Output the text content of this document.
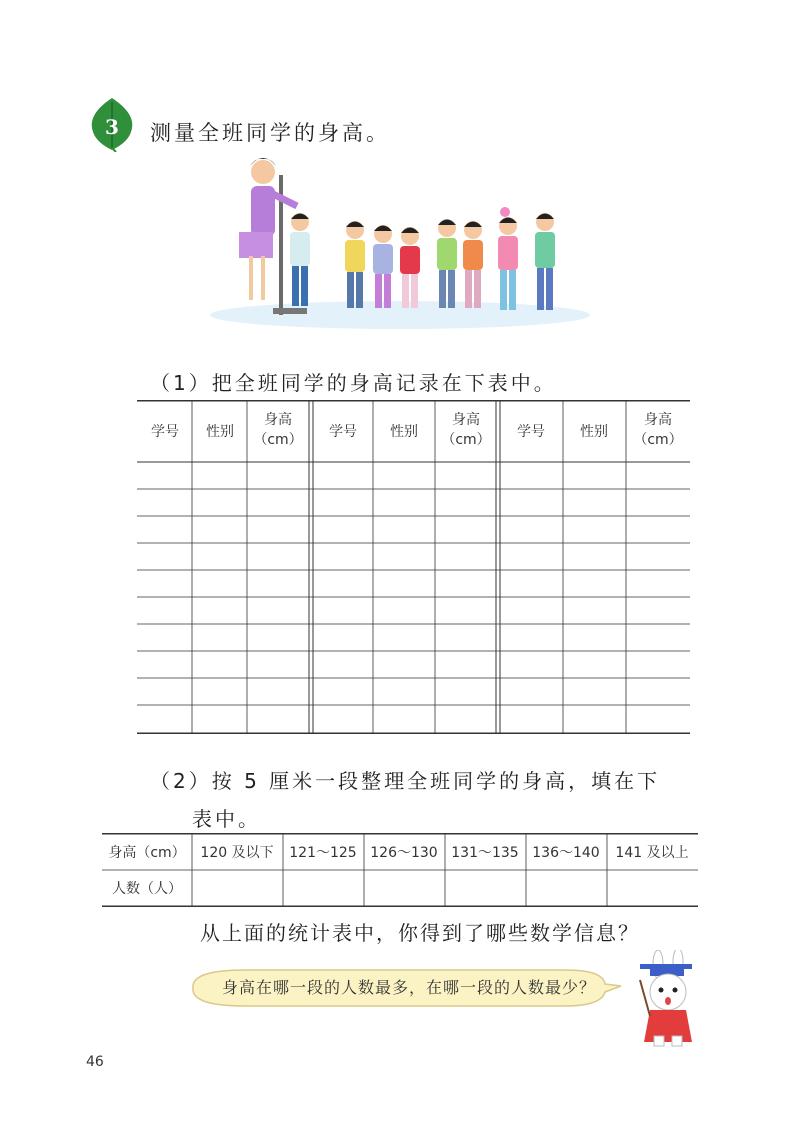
3 测量全班同学的身高。
（1）把全班同学的身高记录在下表中。
学号 性别
身高
（cm） 学号 性别
身高
（cm） 学号	性别
身高
（cm）
（2）按 5 厘米一段整理全班同学的身高，填在下
表中。
身高（cm） 120 及以下 121～125 126～130 131～135 136～140 141 及以上
人数（人）
从上面的统计表中，你得到了哪些数学信息？
身高在哪一段的人数最多，在哪一段的人数最少？
46
